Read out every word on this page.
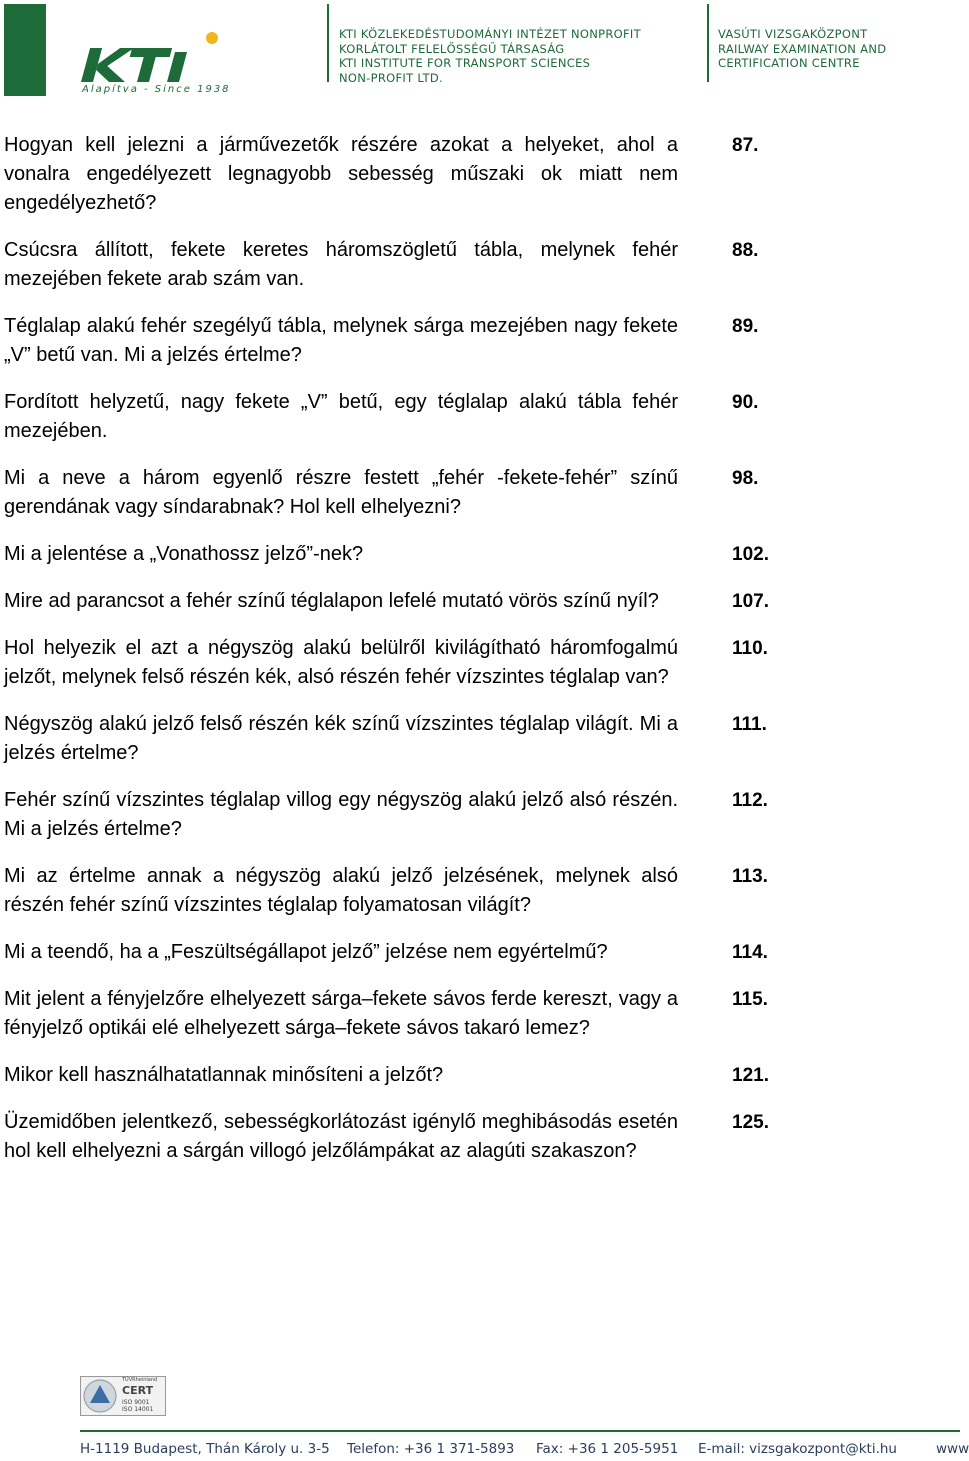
Alapítva - Since 1938
KTI KÖZLEKEDÉSTUDOMÁNYI INTÉZET NONPROFIT
KORLÁTOLT FELELŐSSÉGŰ TÁRSASÁG
KTI INSTITUTE FOR TRANSPORT SCIENCES
NON-PROFIT LTD.
VASÚTI VIZSGAKÖZPONT
RAILWAY EXAMINATION AND
CERTIFICATION CENTRE
Hogyan kell jelezni a járművezetők részére azokat a helyeket, ahol a vonalra engedélyezett legnagyobb sebesség műszaki ok miatt nem engedélyezhető?
87.
Csúcsra állított, fekete keretes háromszögletű tábla, melynek fehér mezejében fekete arab szám van.
88.
Téglalap alakú fehér szegélyű tábla, melynek sárga mezejében nagy fekete „V” betű van. Mi a jelzés értelme?
89.
Fordított helyzetű, nagy fekete „V” betű, egy téglalap alakú tábla fehér mezejében.
90.
Mi a neve a három egyenlő részre festett „fehér -fekete-fehér” színű gerendának vagy síndarabnak? Hol kell elhelyezni?
98.
Mi a jelentése a „Vonathossz jelző”-nek?	102.
Mire ad parancsot a fehér színű téglalapon lefelé mutató vörös színű nyíl?	107.
Hol helyezik el azt a négyszög alakú belülről kivilágítható háromfogalmú jelzőt, melynek felső részén kék, alsó részén fehér vízszintes téglalap van?
110.
Négyszög alakú jelző felső részén kék színű vízszintes téglalap világít. Mi a jelzés értelme?
111.
Fehér színű vízszintes téglalap villog egy négyszög alakú jelző alsó részén. Mi a jelzés értelme?
112.
Mi az értelme annak a négyszög alakú jelző jelzésének, melynek alsó részén fehér színű vízszintes téglalap folyamatosan világít?
113.
Mi a teendő, ha a „Feszültségállapot jelző” jelzése nem egyértelmű?	114.
Mit jelent a fényjelzőre elhelyezett sárga–fekete sávos ferde kereszt, vagy a fényjelző optikái elé elhelyezett sárga–fekete sávos takaró lemez?
115.
Mikor kell használhatatlannak minősíteni a jelzőt?	121.
Üzemidőben jelentkező, sebességkorlátozást igénylő meghibásodás esetén hol kell elhelyezni a sárgán villogó jelzőlámpákat az alagúti szakaszon?
125.
TÜVRheinland
CERT
ISO 9001
ISO 14001
H-1119 Budapest, Thán Károly u. 3-5 Telefon: +36 1 371-5893 Fax: +36 1 205-5951 E-mail: vizsgakozpont@kti.hu	www
